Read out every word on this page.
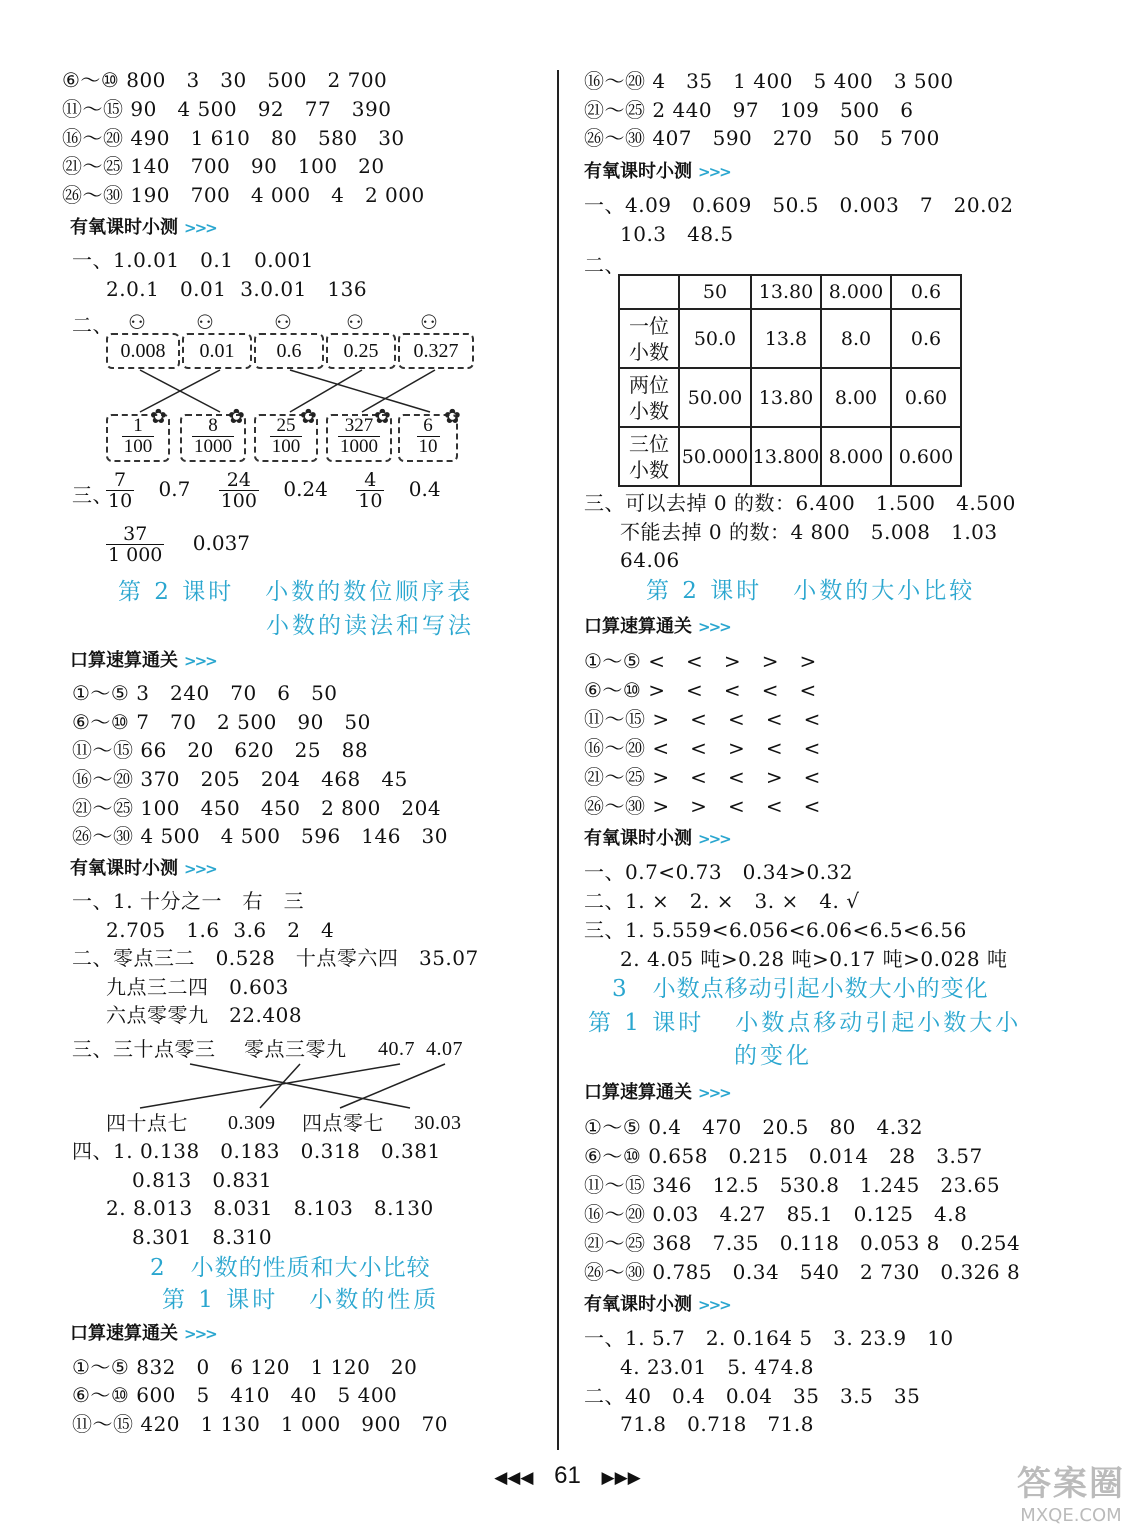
⑥～⑩ 800   3   30   500   2 700
⑪～⑮ 90   4 500   92   77   390
⑯～⑳ 490   1 610   80   580   30
㉑～㉕ 140   700   90   100   20
㉖～㉚ 190   700   4 000   4   2 000
有氧课时小测 >>>
一、1.0.01   0.1   0.001
2.0.1   0.01  3.0.01   136
二、 ⚇	⚇	⚇	⚇	⚇
0.008	0.01	0.6	0.25	0.327
$\frac{1}{100}$
✿ $\frac{8}{1000}$
✿ $\frac{25}{100}$
✿ $\frac{327}{1000}$
✿ $\frac{6}{10}$ ✿
三、
$\frac{7}{10} 0.7 \frac{24}{100} 0.24 \frac{4}{10} 0.4$
$\frac{37}{1 000} 0.037$
第 2 课时   小数的数位顺序表
小数的读法和写法
口算速算通关 >>>
①～⑤ 3   240   70   6   50
⑥～⑩ 7   70   2 500   90   50
⑪～⑮ 66   20   620   25   88
⑯～⑳ 370   205   204   468   45
㉑～㉕ 100   450   450   2 800   204
㉖～㉚ 4 500   4 500   596   146   30
有氧课时小测 >>>
一、1. 十分之一   右   三
2.705   1.6  3.6   2   4
二、零点三二   0.528   十点零六四   35.07
九点三二四   0.603
六点零零九   22.408
三、三十点零三 零点三零九 40.7 4.07
四十点七 0.309 四点零七 30.03
四、1. 0.138   0.183   0.318   0.381
0.813   0.831
2. 8.013   8.031   8.103   8.130
8.301   8.310
2   小数的性质和大小比较
第 1 课时   小数的性质
口算速算通关 >>>
①～⑤ 832   0   6 120   1 120   20
⑥～⑩ 600   5   410   40   5 400
⑪～⑮ 420   1 130   1 000   900   70
⑯～⑳ 4   35   1 400   5 400   3 500
㉑～㉕ 2 440   97   109   500   6
㉖～㉚ 407   590   270   50   5 700
有氧课时小测 >>>
一、4.09   0.609   50.5   0.003   7   20.02
10.3   48.5
二、
	50	13.80	8.000	0.6
一位小数	50.0	13.8	8.0	0.6
两位小数	50.00	13.80	8.00	0.60
三位小数	50.000	13.800	8.000	0.600
三、可以去掉 0 的数：6.400   1.500   4.500
不能去掉 0 的数：4 800   5.008   1.03
64.06
第 2 课时   小数的大小比较
口算速算通关 >>>
①～⑤ <   <   >   >   >
⑥～⑩ >   <   <   <   <
⑪～⑮ >   <   <   <   <
⑯～⑳ <   <   >   <   <
㉑～㉕ >   <   <   >   <
㉖～㉚ >   >   <   <   <
有氧课时小测 >>>
一、0.7<0.73   0.34>0.32
二、1. ×   2. ×   3. ×   4. √
三、1. 5.559<6.056<6.06<6.5<6.56
2. 4.05 吨>0.28 吨>0.17 吨>0.028 吨
3   小数点移动引起小数大小的变化
第 1 课时   小数点移动引起小数大小
的变化
口算速算通关 >>>
①～⑤ 0.4   470   20.5   80   4.32
⑥～⑩ 0.658   0.215   0.014   28   3.57
⑪～⑮ 346   12.5   530.8   1.245   23.65
⑯～⑳ 0.03   4.27   85.1   0.125   4.8
㉑～㉕ 368   7.35   0.118   0.053 8   0.254
㉖～㉚ 0.785   0.34   540   2 730   0.326 8
有氧课时小测 >>>
一、1. 5.7   2. 0.164 5   3. 23.9   10
4. 23.01   5. 474.8
二、40   0.4   0.04   35   3.5   35
71.8   0.718   71.8
◀◀◀ 61 ▶▶▶	答案圈
MXQE.COM
